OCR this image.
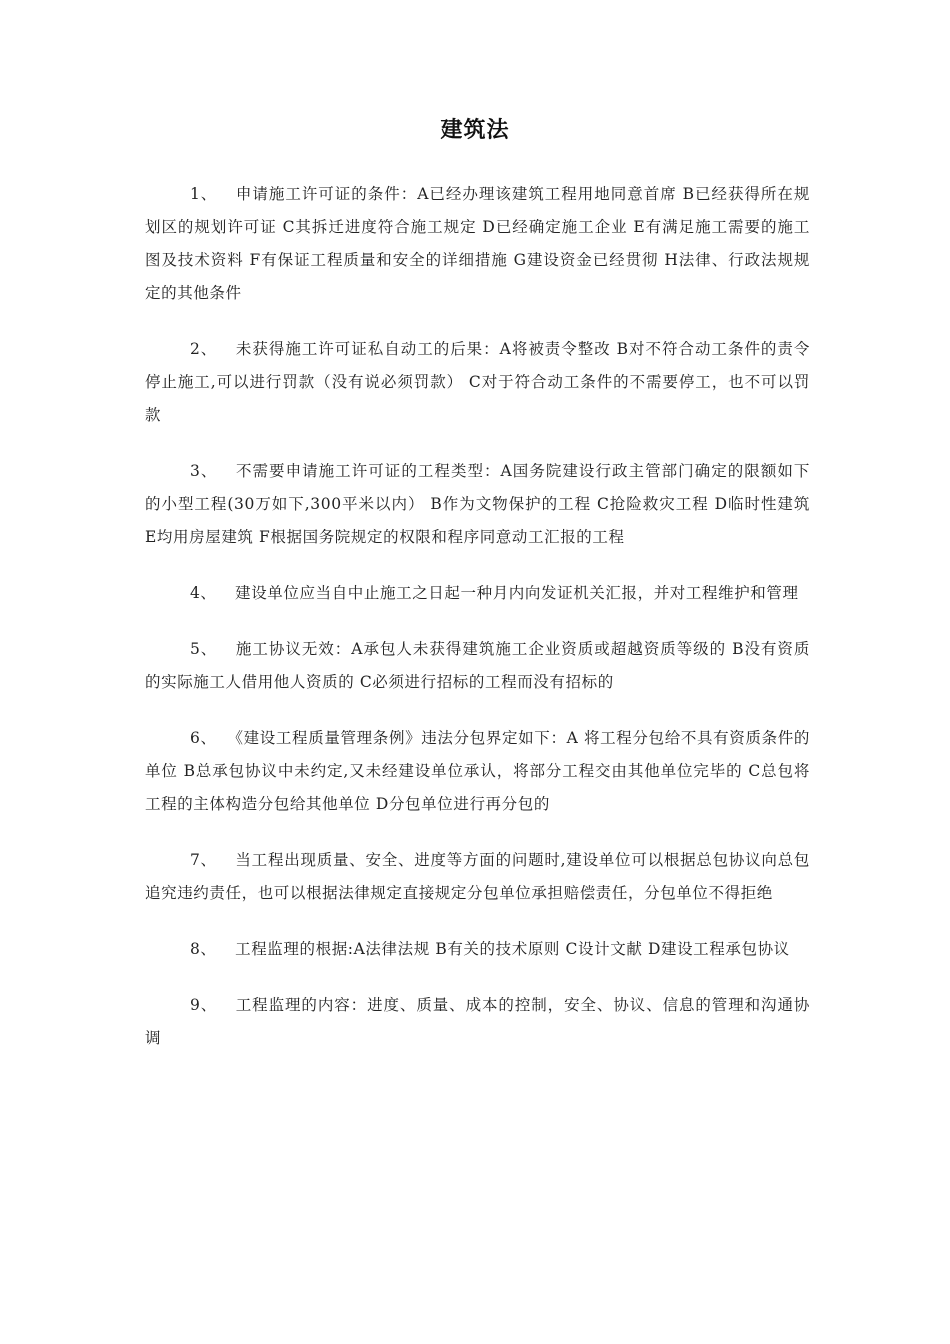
建筑法

1、 申请施工许可证的条件：A已经办理该建筑工程用地同意首席 B已经获得所在规划区的规划许可证 C其拆迁进度符合施工规定 D已经确定施工企业 E有满足施工需要的施工图及技术资料 F有保证工程质量和安全的详细措施 G建设资金已经贯彻 H法律、行政法规规定的其他条件

2、 未获得施工许可证私自动工的后果：A将被责令整改 B对不符合动工条件的责令停止施工,可以进行罚款（没有说必须罚款） C对于符合动工条件的不需要停工，也不可以罚款

3、 不需要申请施工许可证的工程类型：A国务院建设行政主管部门确定的限额如下的小型工程(30万如下,300平米以内） B作为文物保护的工程 C抢险救灾工程 D临时性建筑 E均用房屋建筑 F根据国务院规定的权限和程序同意动工汇报的工程

4、 建设单位应当自中止施工之日起一种月内向发证机关汇报，并对工程维护和管理

5、 施工协议无效：A承包人未获得建筑施工企业资质或超越资质等级的 B没有资质的实际施工人借用他人资质的 C必须进行招标的工程而没有招标的

6、 《建设工程质量管理条例》违法分包界定如下：A 将工程分包给不具有资质条件的单位 B总承包协议中未约定,又未经建设单位承认，将部分工程交由其他单位完毕的 C总包将工程的主体构造分包给其他单位 D分包单位进行再分包的

7、 当工程出现质量、安全、进度等方面的问题时,建设单位可以根据总包协议向总包追究违约责任，也可以根据法律规定直接规定分包单位承担赔偿责任，分包单位不得拒绝

8、 工程监理的根据:A法律法规 B有关的技术原则 C设计文献 D建设工程承包协议

9、 工程监理的内容：进度、质量、成本的控制，安全、协议、信息的管理和沟通协调
